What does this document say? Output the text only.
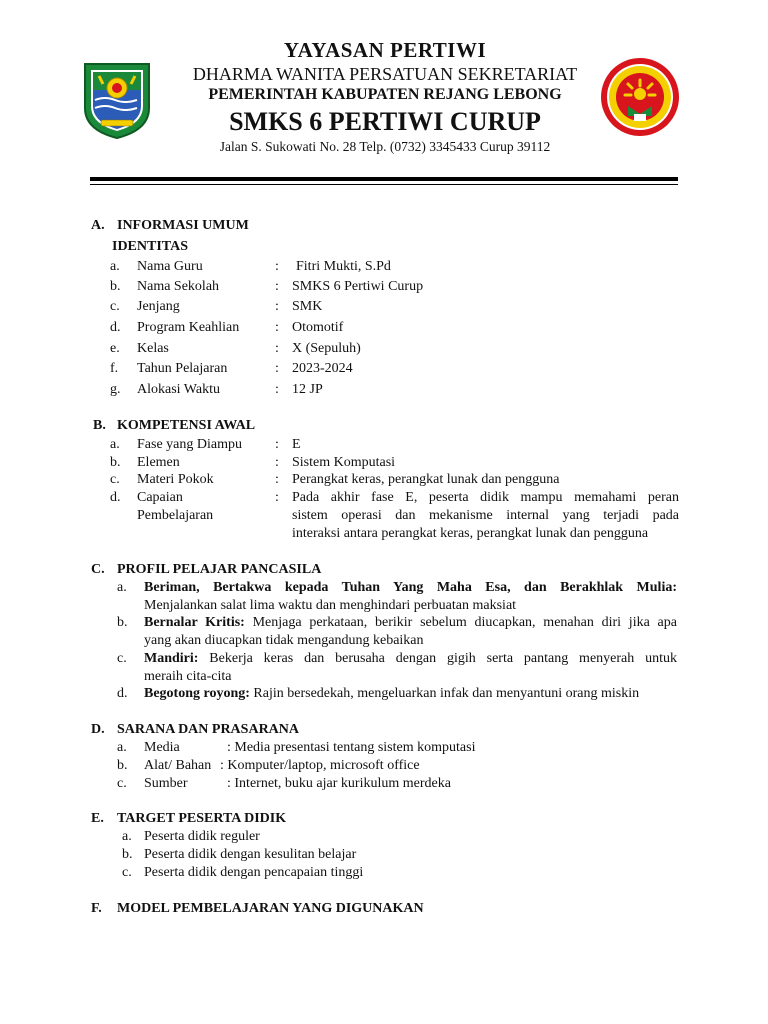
YAYASAN PERTIWI
DHARMA WANITA PERSATUAN SEKRETARIAT
PEMERINTAH KABUPATEN REJANG LEBONG
SMKS 6 PERTIWI CURUP
Jalan S. Sukowati No. 28 Telp. (0732) 3345433 Curup 39112
A. INFORMASI UMUM
IDENTITAS
a. Nama Guru	: Fitri Mukti, S.Pd
b. Nama Sekolah	: SMKS 6 Pertiwi Curup
c. Jenjang	: SMK
d. Program Keahlian	: Otomotif
e. Kelas	: X (Sepuluh)
f. Tahun Pelajaran	: 2023-2024
g. Alokasi Waktu	: 12 JP
B. KOMPETENSI AWAL
a. Fase yang Diampu : E
b. Elemen	: Sistem Komputasi
c. Materi Pokok	: Perangkat keras, perangkat lunak dan pengguna
d. Capaian
Pembelajaran
: Pada akhir fase E, peserta didik mampu memahami peran
sistem operasi dan mekanisme internal yang terjadi pada
interaksi antara perangkat keras, perangkat lunak dan pengguna
C. PROFIL PELAJAR PANCASILA
a. Beriman, Bertakwa kepada Tuhan Yang Maha Esa, dan Berakhlak Mulia:
Menjalankan salat lima waktu dan menghindari perbuatan maksiat
b. Bernalar Kritis: Menjaga perkataan, berikir sebelum diucapkan, menahan diri jika apa
yang akan diucapkan tidak mengandung kebaikan
c. Mandiri: Bekerja keras dan berusaha dengan gigih serta pantang menyerah untuk
meraih cita-cita
d. Begotong royong: Rajin bersedekah, mengeluarkan infak dan menyantuni orang miskin
D. SARANA DAN PRASARANA
a. Media	: Media presentasi tentang sistem komputasi
b. Alat/ Bahan : Komputer/laptop, microsoft office
c. Sumber	: Internet, buku ajar kurikulum merdeka
E. TARGET PESERTA DIDIK
a. Peserta didik reguler
b. Peserta didik dengan kesulitan belajar
c. Peserta didik dengan pencapaian tinggi
F. MODEL PEMBELAJARAN YANG DIGUNAKAN
